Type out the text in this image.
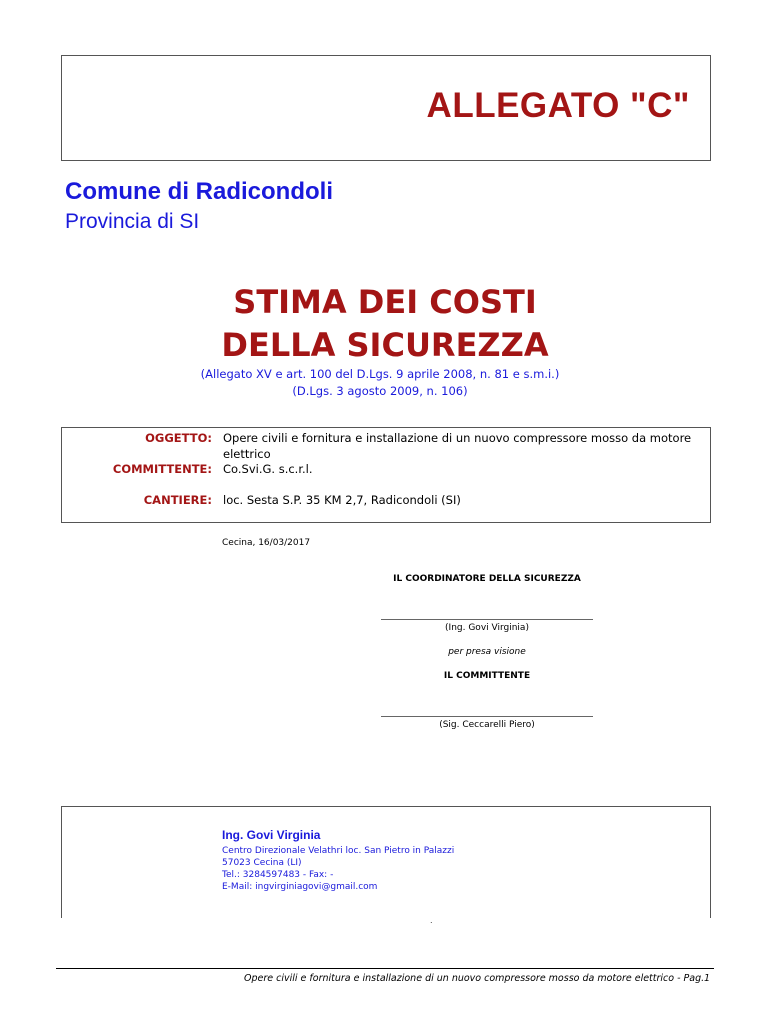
ALLEGATO "C"
Comune di Radicondoli
Provincia di SI
STIMA DEI COSTI
DELLA SICUREZZA
(Allegato XV e art. 100 del D.Lgs. 9 aprile 2008, n. 81 e s.m.i.)
(D.Lgs. 3 agosto 2009, n. 106)
OGGETTO: Opere civili e fornitura e installazione di un nuovo compressore mosso da motore
elettrico
COMMITTENTE: Co.Svi.G. s.c.r.l.
CANTIERE: loc. Sesta S.P. 35 KM 2,7, Radicondoli (SI)
Cecina, 16/03/2017
IL COORDINATORE DELLA SICUREZZA
(Ing. Govi Virginia)
per presa visione
IL COMMITTENTE
(Sig. Ceccarelli Piero)
Ing. Govi Virginia
Centro Direzionale Velathri loc. San Pietro in Palazzi
57023 Cecina (LI)
Tel.: 3284597483 - Fax: -
E-Mail: ingvirginiagovi@gmail.com
.
Opere civili e fornitura e installazione di un nuovo compressore mosso da motore elettrico - Pag. 1
